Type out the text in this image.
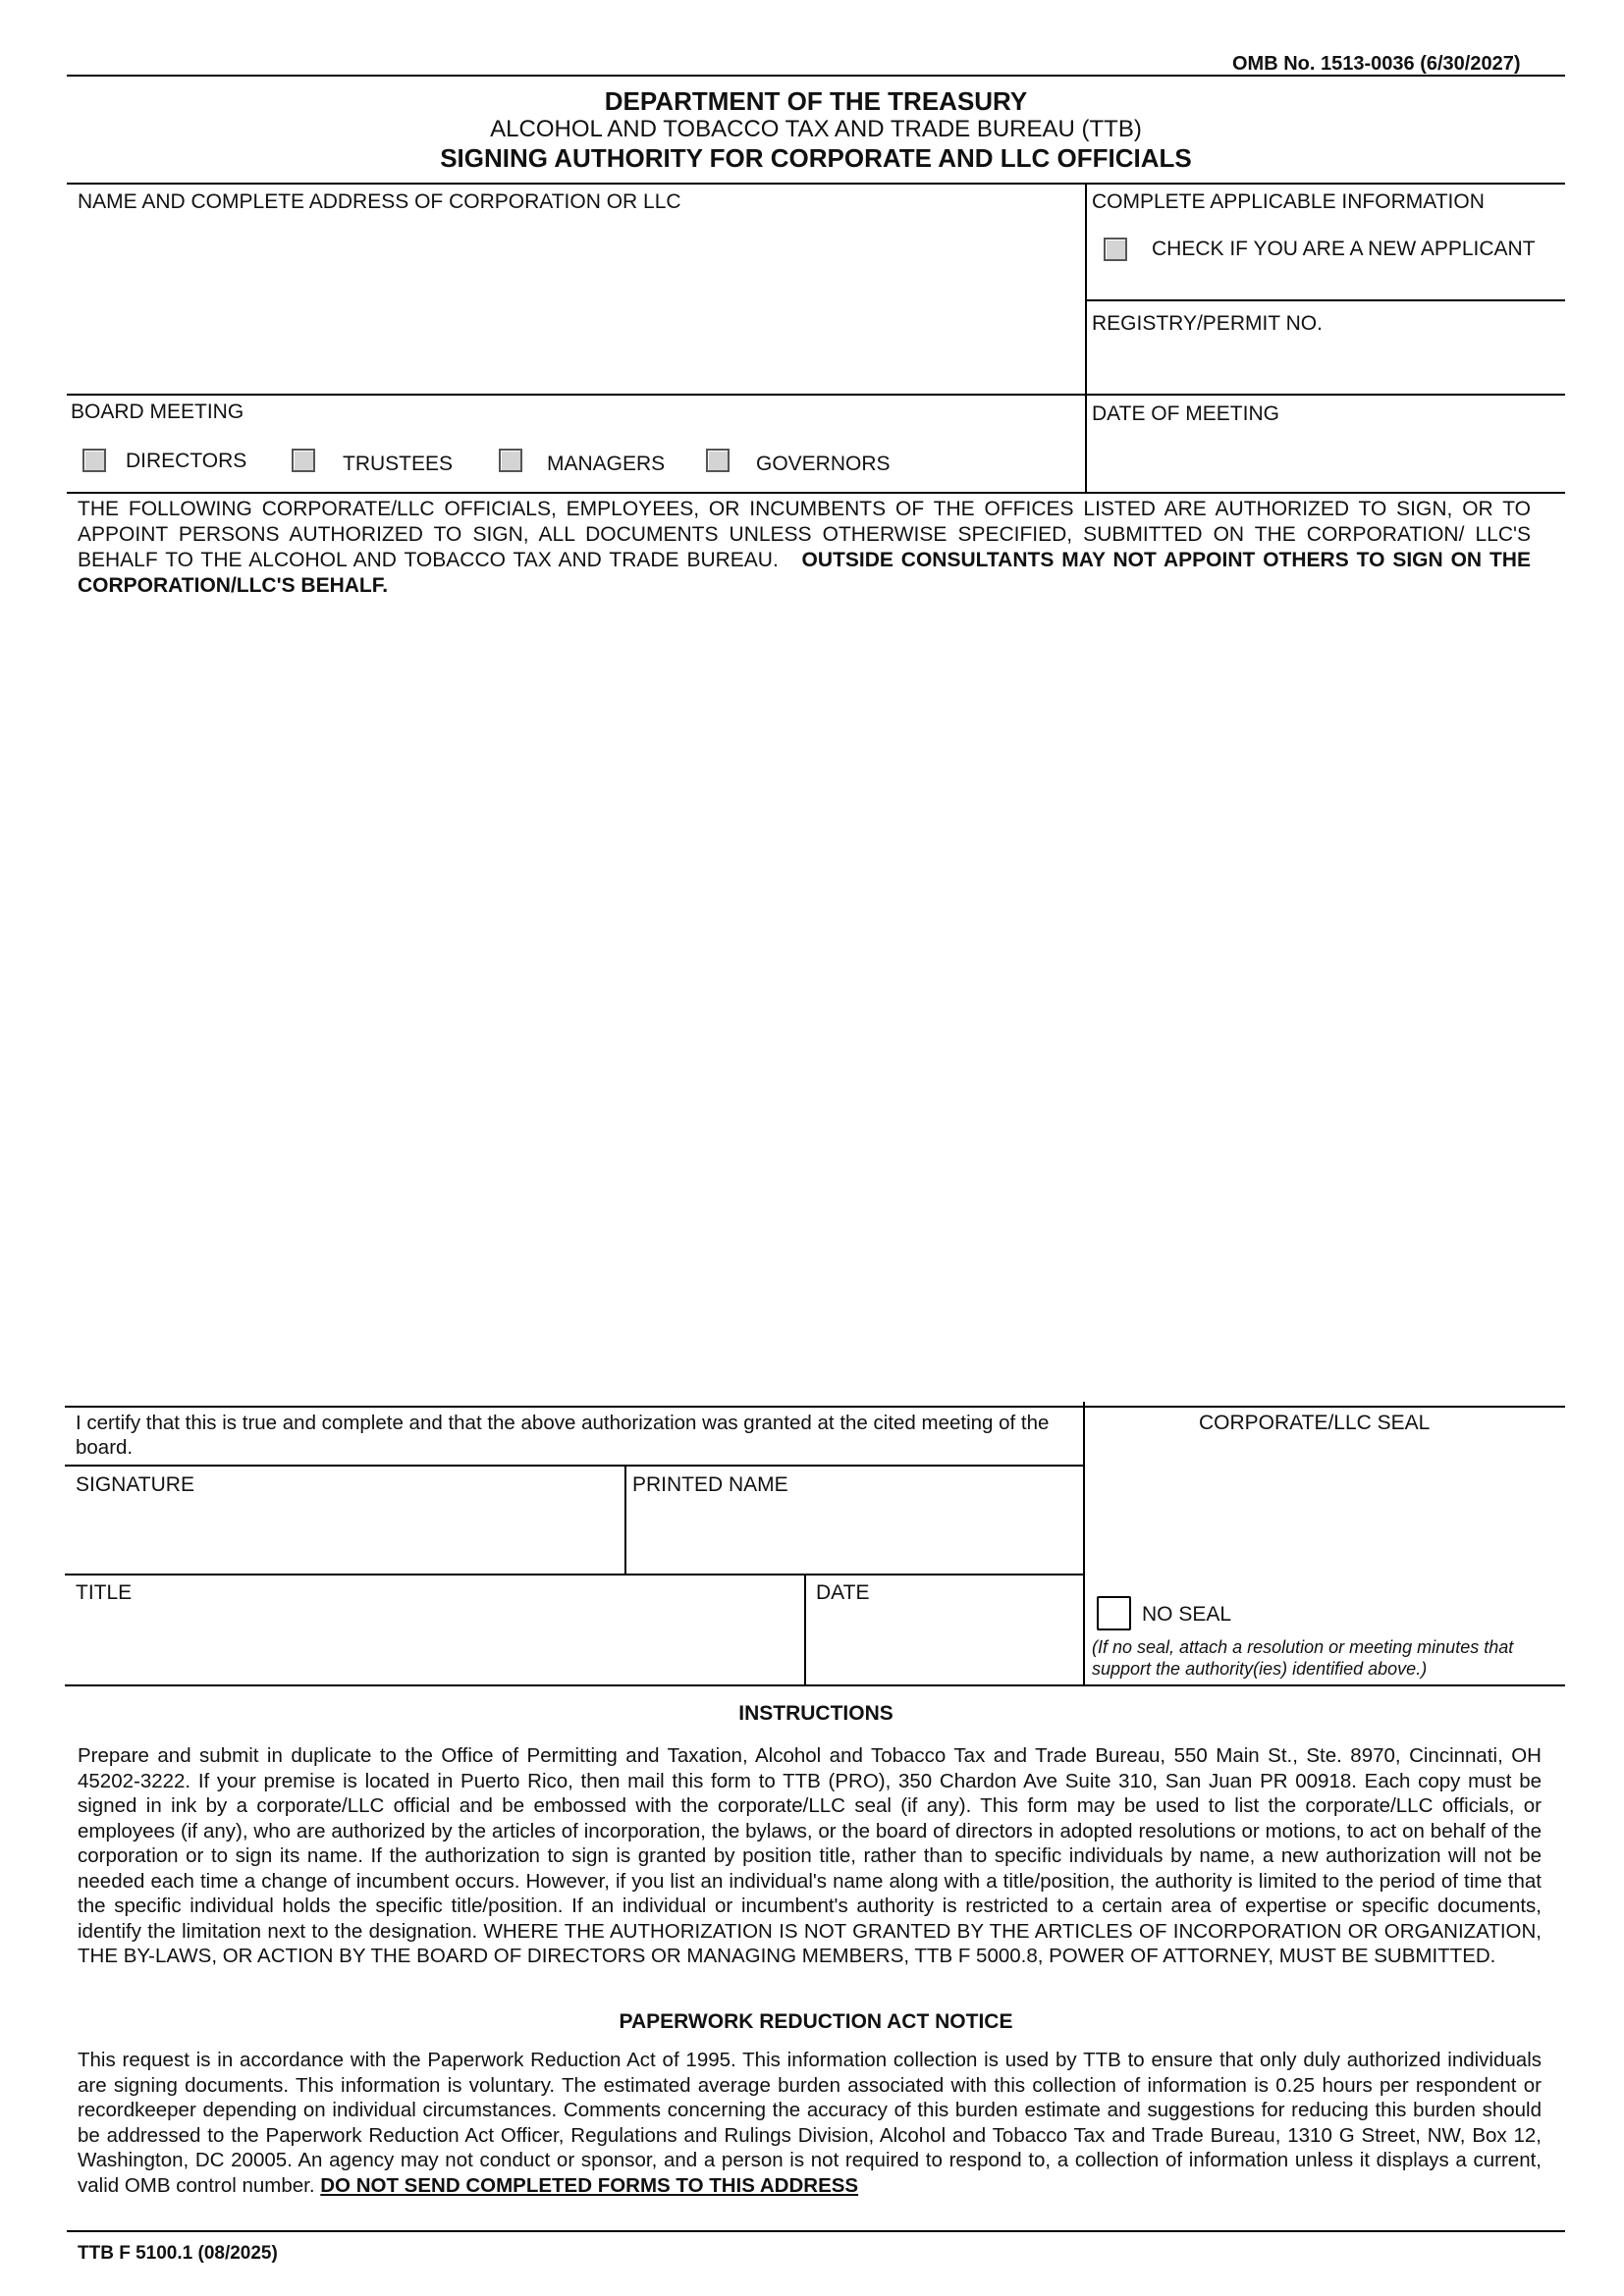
OMB No. 1513-0036 (6/30/2027)
DEPARTMENT OF THE TREASURY
ALCOHOL AND TOBACCO TAX AND TRADE BUREAU (TTB)
SIGNING AUTHORITY FOR CORPORATE AND LLC OFFICIALS
NAME AND COMPLETE ADDRESS OF CORPORATION OR LLC	COMPLETE APPLICABLE INFORMATION
CHECK IF YOU ARE A NEW APPLICANT
REGISTRY/PERMIT NO.
BOARD MEETING
DIRECTORS	TRUSTEES	MANAGERS	GOVERNORS
DATE OF MEETING
THE FOLLOWING CORPORATE/LLC OFFICIALS, EMPLOYEES, OR INCUMBENTS OF THE OFFICES LISTED ARE AUTHORIZED TO SIGN, OR TO APPOINT PERSONS AUTHORIZED TO SIGN, ALL DOCUMENTS UNLESS OTHERWISE SPECIFIED, SUBMITTED ON THE CORPORATION/ LLC'S BEHALF TO THE ALCOHOL AND TOBACCO TAX AND TRADE BUREAU. OUTSIDE CONSULTANTS MAY NOT APPOINT OTHERS TO SIGN ON THE CORPORATION/LLC'S BEHALF.
I certify that this is true and complete and that the above authorization was granted at the cited meeting of the board.
SIGNATURE	PRINTED NAME
TITLE	DATE
CORPORATE/LLC SEAL
NO SEAL
(If no seal, attach a resolution or meeting minutes that support the authority(ies) identified above.)
INSTRUCTIONS
Prepare and submit in duplicate to the Office of Permitting and Taxation, Alcohol and Tobacco Tax and Trade Bureau, 550 Main St., Ste. 8970, Cincinnati, OH 45202-3222. If your premise is located in Puerto Rico, then mail this form to TTB (PRO), 350 Chardon Ave Suite 310, San Juan PR 00918. Each copy must be signed in ink by a corporate/LLC official and be embossed with the corporate/LLC seal (if any). This form may be used to list the corporate/LLC officials, or employees (if any), who are authorized by the articles of incorporation, the bylaws, or the board of directors in adopted resolutions or motions, to act on behalf of the corporation or to sign its name. If the authorization to sign is granted by position title, rather than to specific individuals by name, a new authorization will not be needed each time a change of incumbent occurs. However, if you list an individual's name along with a title/position, the authority is limited to the period of time that the specific individual holds the specific title/position. If an individual or incumbent's authority is restricted to a certain area of expertise or specific documents, identify the limitation next to the designation. WHERE THE AUTHORIZATION IS NOT GRANTED BY THE ARTICLES OF INCORPORATION OR ORGANIZATION, THE BY-LAWS, OR ACTION BY THE BOARD OF DIRECTORS OR MANAGING MEMBERS, TTB F 5000.8, POWER OF ATTORNEY, MUST BE SUBMITTED.
PAPERWORK REDUCTION ACT NOTICE
This request is in accordance with the Paperwork Reduction Act of 1995. This information collection is used by TTB to ensure that only duly authorized individuals are signing documents. This information is voluntary. The estimated average burden associated with this collection of information is 0.25 hours per respondent or recordkeeper depending on individual circumstances. Comments concerning the accuracy of this burden estimate and suggestions for reducing this burden should be addressed to the Paperwork Reduction Act Officer, Regulations and Rulings Division, Alcohol and Tobacco Tax and Trade Bureau, 1310 G Street, NW, Box 12, Washington, DC 20005. An agency may not conduct or sponsor, and a person is not required to respond to, a collection of information unless it displays a current, valid OMB control number. DO NOT SEND COMPLETED FORMS TO THIS ADDRESS
TTB F 5100.1 (08/2025)
